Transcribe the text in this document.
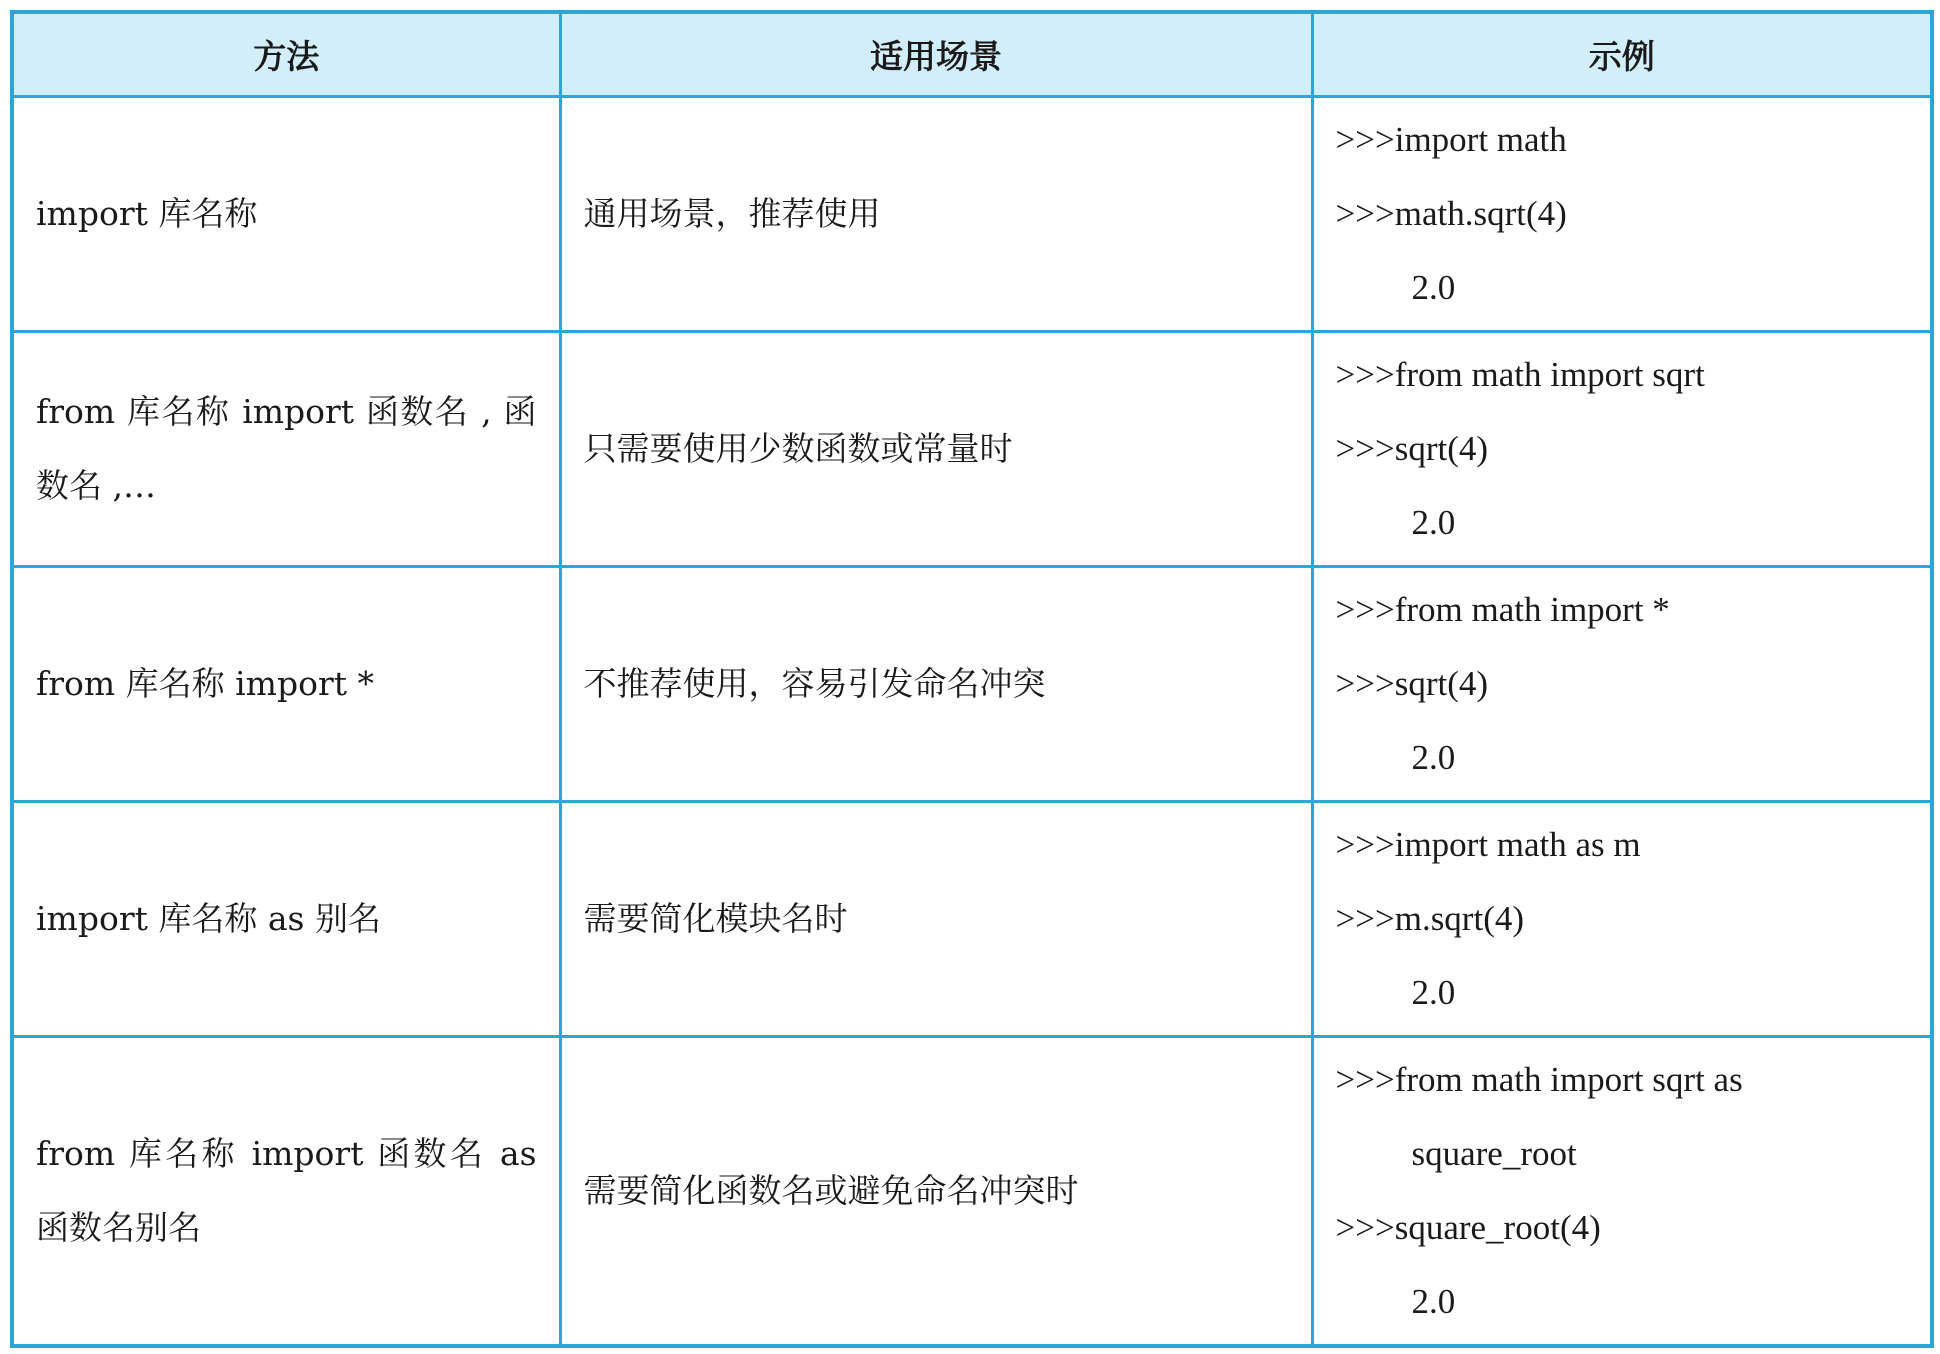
方法	适用场景	示例

import 库名称	通用场景，推荐使用	>>>import math
>>>math.sqrt(4)
2.0

from 库名称 import 函数名 , 函数名 ,…	只需要使用少数函数或常量时	>>>from math import sqrt
>>>sqrt(4)
2.0

from 库名称 import *	不推荐使用，容易引发命名冲突	>>>from math import *
>>>sqrt(4)
2.0

import 库名称 as 别名	需要简化模块名时	>>>import math as m
>>>m.sqrt(4)
2.0

from 库名称 import 函数名 as 函数名别名	需要简化函数名或避免命名冲突时	>>>from math import sqrt as
square_root
>>>square_root(4)
2.0
